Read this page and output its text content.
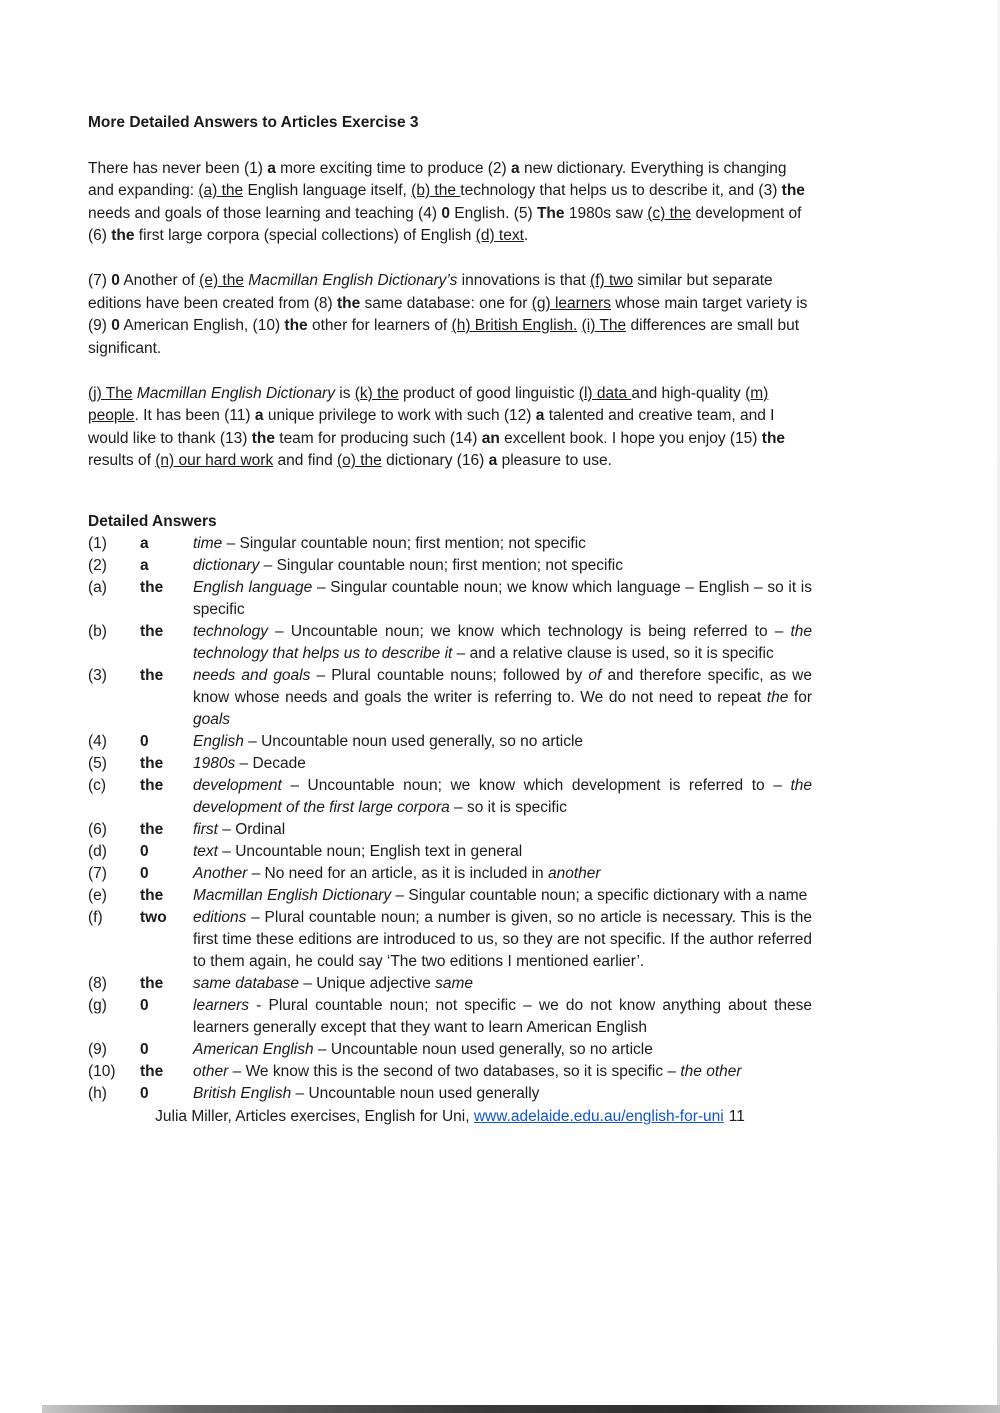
More Detailed Answers to Articles Exercise 3

There has never been (1) a more exciting time to produce (2) a new dictionary. Everything is changing and expanding: (a) the English language itself, (b) the technology that helps us to describe it, and (3) the needs and goals of those learning and teaching (4) 0 English. (5) The 1980s saw (c) the development of (6) the first large corpora (special collections) of English (d) text.

(7) 0 Another of (e) the Macmillan English Dictionary’s innovations is that (f) two similar but separate editions have been created from (8) the same database: one for (g) learners whose main target variety is (9) 0 American English, (10) the other for learners of (h) British English. (i) The differences are small but significant.

(j) The Macmillan English Dictionary is (k) the product of good linguistic (l) data and high-quality (m) people. It has been (11) a unique privilege to work with such (12) a talented and creative team, and I would like to thank (13) the team for producing such (14) an excellent book. I hope you enjoy (15) the results of (n) our hard work and find (o) the dictionary (16) a pleasure to use.

Detailed Answers
(1)	a	time – Singular countable noun; first mention; not specific
(2)	a	dictionary – Singular countable noun; first mention; not specific
(a)	the	English language – Singular countable noun; we know which language – English – so it is specific
(b)	the	technology – Uncountable noun; we know which technology is being referred to – the technology that helps us to describe it – and a relative clause is used, so it is specific
(3)	the	needs and goals – Plural countable nouns; followed by of and therefore specific, as we know whose needs and goals the writer is referring to. We do not need to repeat the for goals
(4)	0	English – Uncountable noun used generally, so no article
(5)	the	1980s – Decade
(c)	the	development – Uncountable noun; we know which development is referred to – the development of the first large corpora – so it is specific
(6)	the	first – Ordinal
(d)	0	text – Uncountable noun; English text in general
(7)	0	Another – No need for an article, as it is included in another
(e)	the	Macmillan English Dictionary – Singular countable noun; a specific dictionary with a name
(f)	two	editions – Plural countable noun; a number is given, so no article is necessary. This is the first time these editions are introduced to us, so they are not specific. If the author referred to them again, he could say ‘The two editions I mentioned earlier’.
(8)	the	same database – Unique adjective same
(g)	0	learners - Plural countable noun; not specific – we do not know anything about these learners generally except that they want to learn American English
(9)	0	American English – Uncountable noun used generally, so no article
(10)	the	other – We know this is the second of two databases, so it is specific – the other
(h)	0	British English – Uncountable noun used generally
Julia Miller, Articles exercises, English for Uni, www.adelaide.edu.au/english-for-uni 11
